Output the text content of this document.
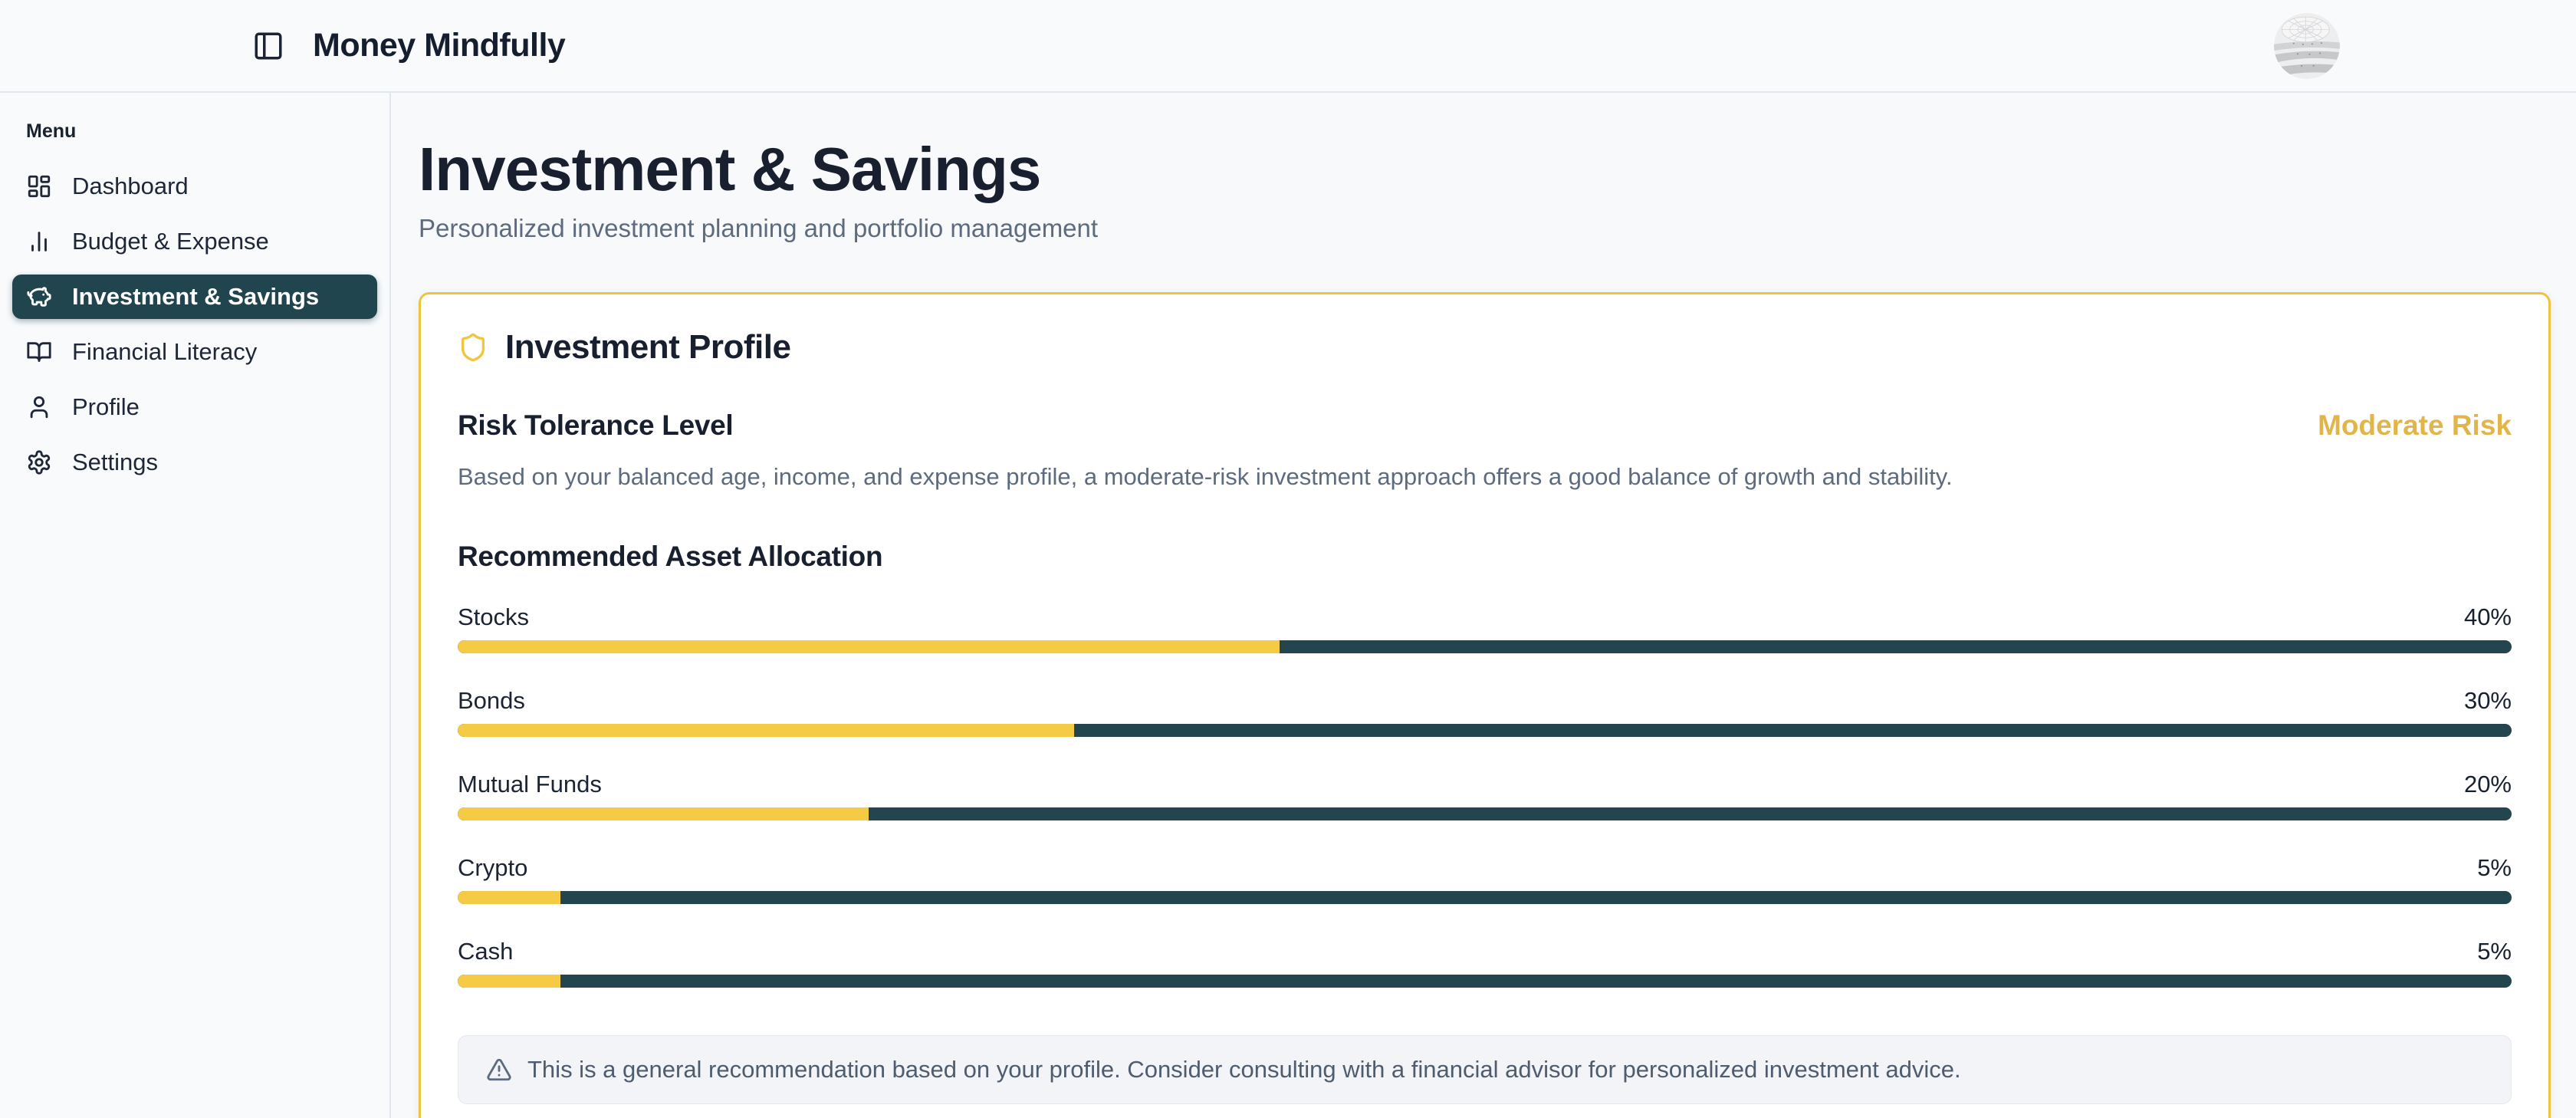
Money Mindfully
Menu
Dashboard
Budget & Expense
Investment & Savings
Financial Literacy
Profile
Settings
Investment & Savings
Personalized investment planning and portfolio management
Investment Profile
Risk Tolerance Level	Moderate Risk

Based on your balanced age, income, and expense profile, a moderate-risk investment approach offers a good balance of growth and stability.

Recommended Asset Allocation
Stocks	40%
Bonds	30%
Mutual Funds	20%
Crypto	5%
Cash	5%
This is a general recommendation based on your profile. Consider consulting with a financial advisor for personalized investment advice.
